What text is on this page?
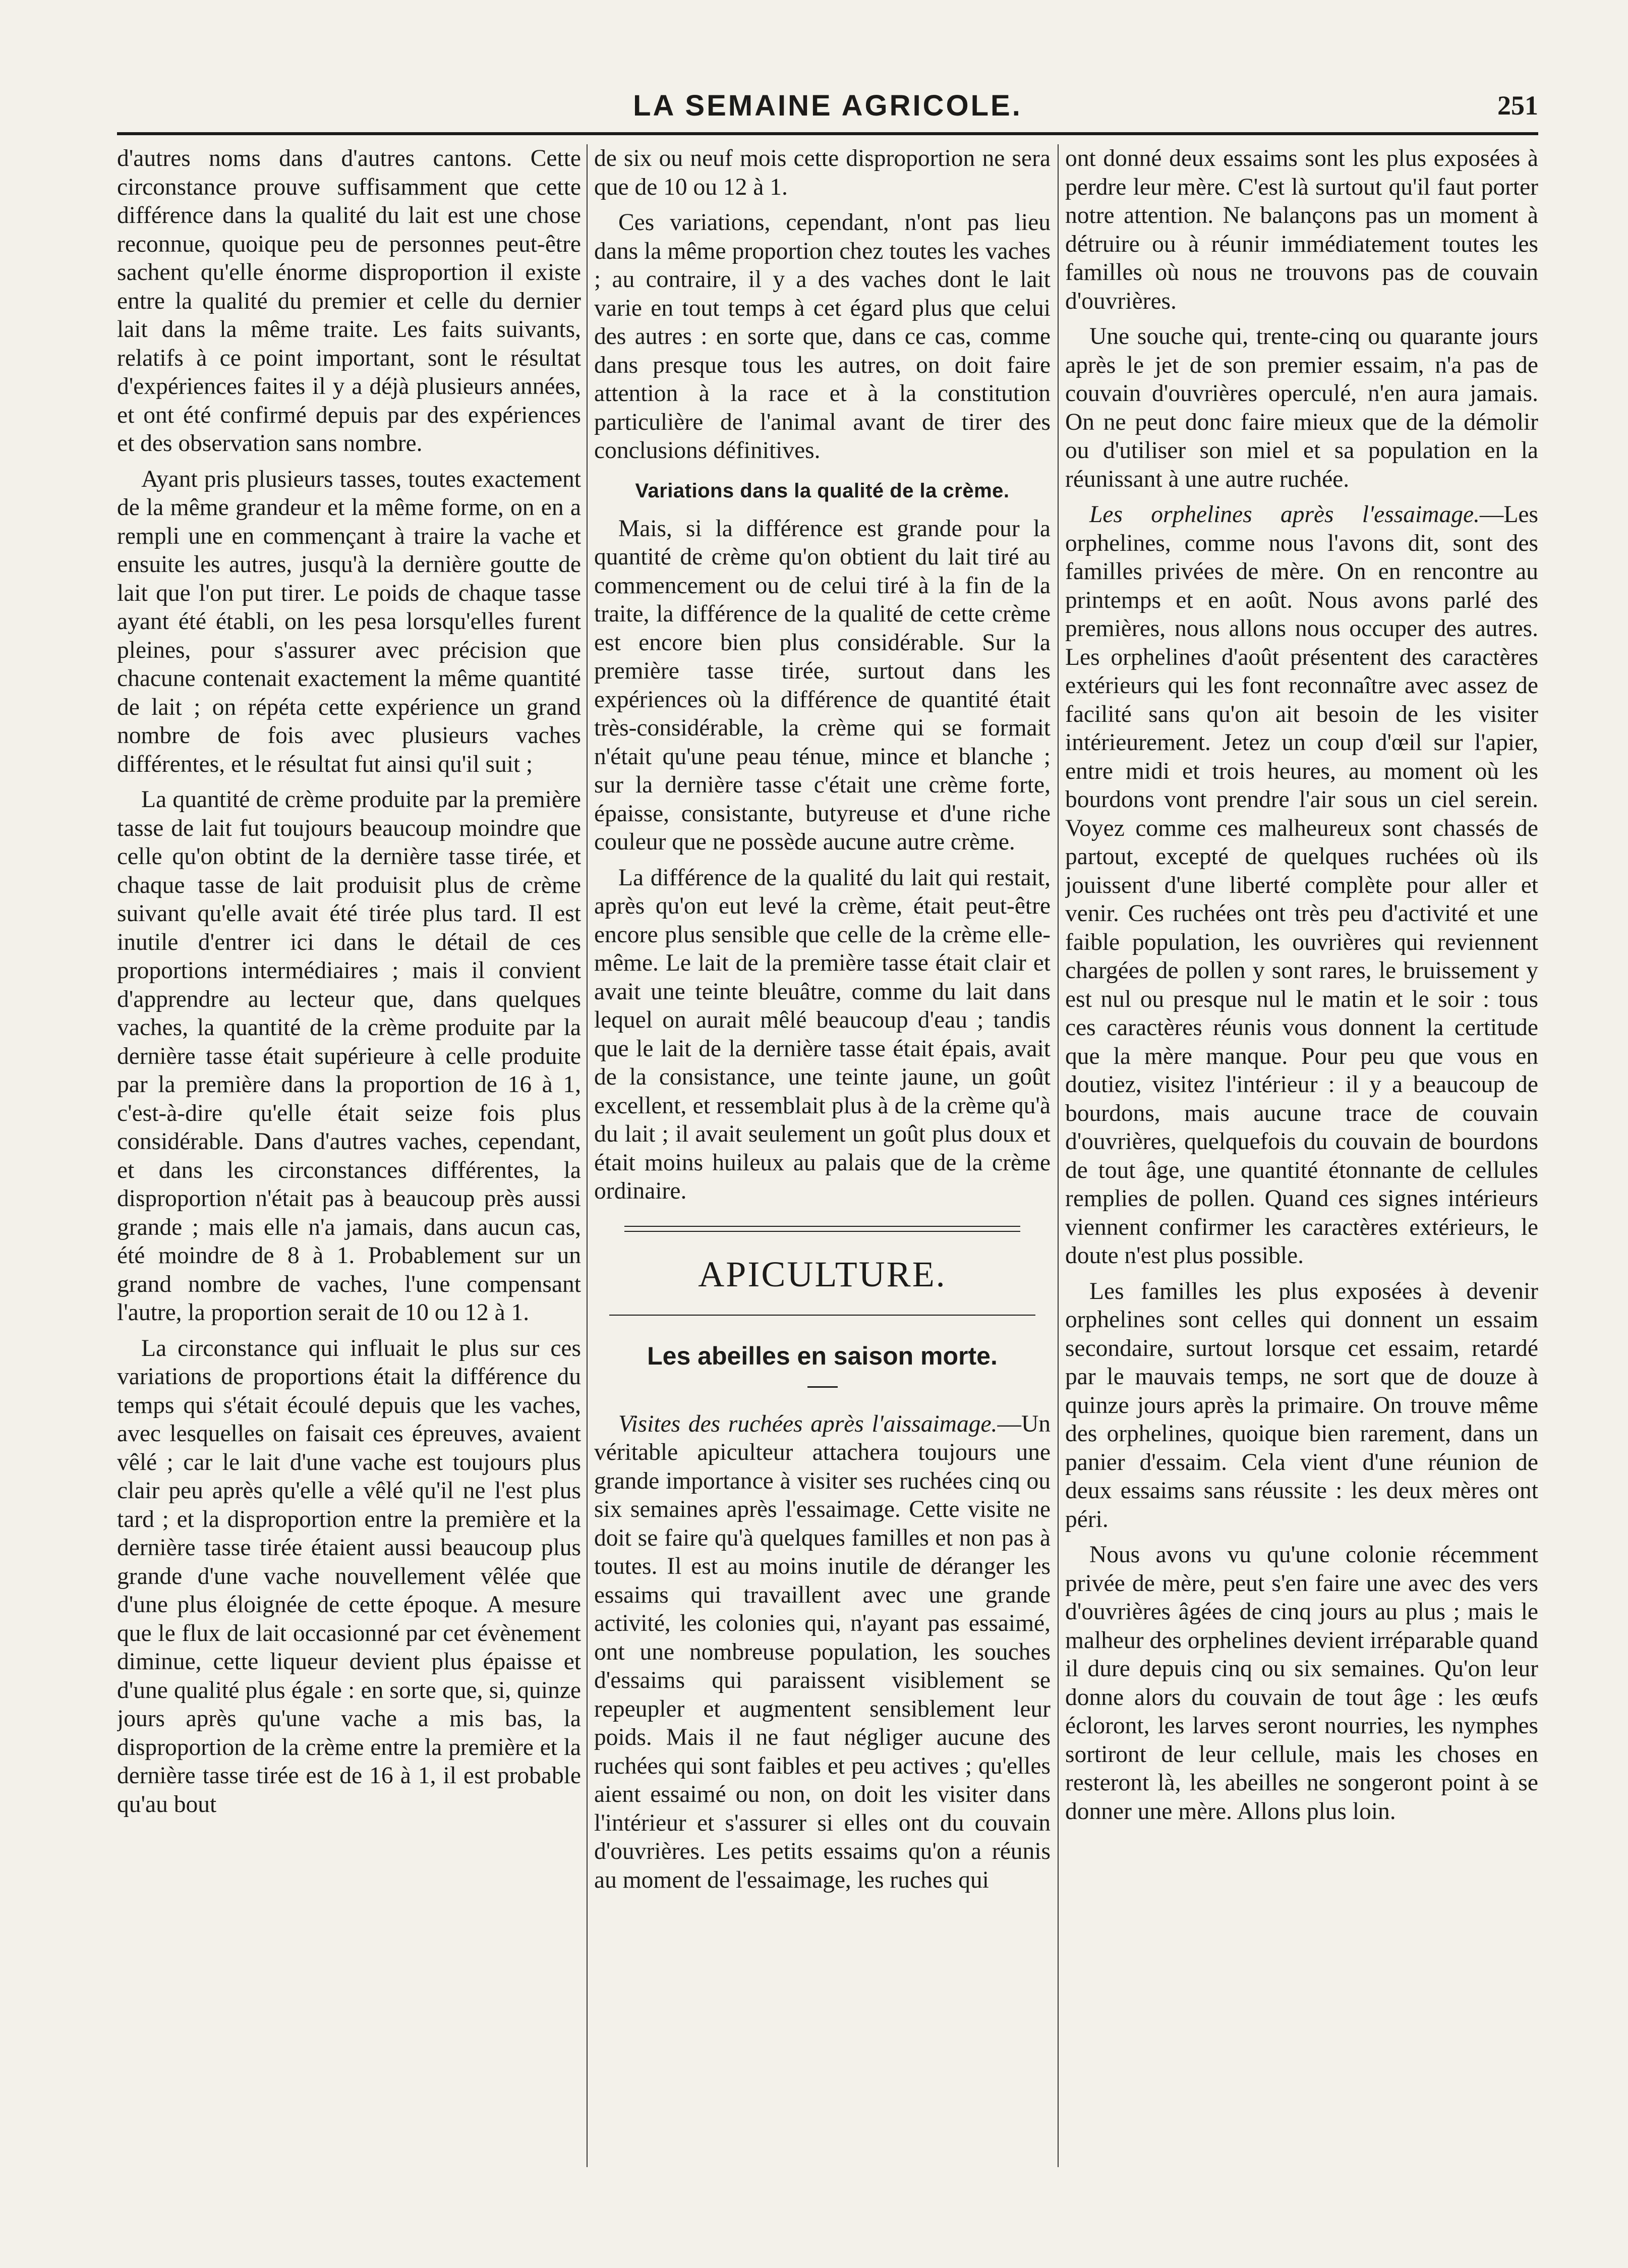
LA SEMAINE AGRICOLE.	251

d'autres noms dans d'autres cantons. Cette circonstance prouve suffisamment que cette différence dans la qualité du lait est une chose reconnue, quoique peu de personnes peut-être sachent qu'elle énorme disproportion il existe entre la qualité du premier et celle du dernier lait dans la même traite. Les faits suivants, relatifs à ce point important, sont le résultat d'expériences faites il y a déjà plusieurs années, et ont été confirmé depuis par des expériences et des observation sans nombre.

Ayant pris plusieurs tasses, toutes exactement de la même grandeur et la même forme, on en a rempli une en commençant à traire la vache et ensuite les autres, jusqu'à la dernière goutte de lait que l'on put tirer. Le poids de chaque tasse ayant été établi, on les pesa lorsqu'elles furent pleines, pour s'assurer avec précision que chacune contenait exactement la même quantité de lait ; on répéta cette expérience un grand nombre de fois avec plusieurs vaches différentes, et le résultat fut ainsi qu'il suit ;

La quantité de crème produite par la première tasse de lait fut toujours beaucoup moindre que celle qu'on obtint de la dernière tasse tirée, et chaque tasse de lait produisit plus de crème suivant qu'elle avait été tirée plus tard. Il est inutile d'entrer ici dans le détail de ces proportions intermédiaires ; mais il convient d'apprendre au lecteur que, dans quelques vaches, la quantité de la crème produite par la dernière tasse était supérieure à celle produite par la première dans la proportion de 16 à 1, c'est-à-dire qu'elle était seize fois plus considérable. Dans d'autres vaches, cependant, et dans les circonstances différentes, la disproportion n'était pas à beaucoup près aussi grande ; mais elle n'a jamais, dans aucun cas, été moindre de 8 à 1. Probablement sur un grand nombre de vaches, l'une compensant l'autre, la proportion serait de 10 ou 12 à 1.

La circonstance qui influait le plus sur ces variations de proportions était la différence du temps qui s'était écoulé depuis que les vaches, avec lesquelles on faisait ces épreuves, avaient vêlé ; car le lait d'une vache est toujours plus clair peu après qu'elle a vêlé qu'il ne l'est plus tard ; et la disproportion entre la première et la dernière tasse tirée étaient aussi beaucoup plus grande d'une vache nouvellement vêlée que d'une plus éloignée de cette époque. A mesure que le flux de lait occasionné par cet évènement diminue, cette liqueur devient plus épaisse et d'une qualité plus égale : en sorte que, si, quinze jours après qu'une vache a mis bas, la disproportion de la crème entre la première et la dernière tasse tirée est de 16 à 1, il est probable qu'au bout

de six ou neuf mois cette disproportion ne sera que de 10 ou 12 à 1.

Ces variations, cependant, n'ont pas lieu dans la même proportion chez toutes les vaches ; au contraire, il y a des vaches dont le lait varie en tout temps à cet égard plus que celui des autres : en sorte que, dans ce cas, comme dans presque tous les autres, on doit faire attention à la race et à la constitution particulière de l'animal avant de tirer des conclusions définitives.

Variations dans la qualité de la crème.

Mais, si la différence est grande pour la quantité de crème qu'on obtient du lait tiré au commencement ou de celui tiré à la fin de la traite, la différence de la qualité de cette crème est encore bien plus considérable. Sur la première tasse tirée, surtout dans les expériences où la différence de quantité était très-considérable, la crème qui se formait n'était qu'une peau ténue, mince et blanche ; sur la dernière tasse c'était une crème forte, épaisse, consistante, butyreuse et d'une riche couleur que ne possède aucune autre crème.

La différence de la qualité du lait qui restait, après qu'on eut levé la crème, était peut-être encore plus sensible que celle de la crème elle-même. Le lait de la première tasse était clair et avait une teinte bleuâtre, comme du lait dans lequel on aurait mêlé beaucoup d'eau ; tandis que le lait de la dernière tasse était épais, avait de la consistance, une teinte jaune, un goût excellent, et ressemblait plus à de la crème qu'à du lait ; il avait seulement un goût plus doux et était moins huileux au palais que de la crème ordinaire.

APICULTURE.
Les abeilles en saison morte.

Visites des ruchées après l'aissaimage.—Un véritable apiculteur attachera toujours une grande importance à visiter ses ruchées cinq ou six semaines après l'essaimage. Cette visite ne doit se faire qu'à quelques familles et non pas à toutes. Il est au moins inutile de déranger les essaims qui travaillent avec une grande activité, les colonies qui, n'ayant pas essaimé, ont une nombreuse population, les souches d'essaims qui paraissent visiblement se repeupler et augmentent sensiblement leur poids. Mais il ne faut négliger aucune des ruchées qui sont faibles et peu actives ; qu'elles aient essaimé ou non, on doit les visiter dans l'intérieur et s'assurer si elles ont du couvain d'ouvrières. Les petits essaims qu'on a réunis au moment de l'essaimage, les ruches qui

ont donné deux essaims sont les plus exposées à perdre leur mère. C'est là surtout qu'il faut porter notre attention. Ne balançons pas un moment à détruire ou à réunir immédiatement toutes les familles où nous ne trouvons pas de couvain d'ouvrières.

Une souche qui, trente-cinq ou quarante jours après le jet de son premier essaim, n'a pas de couvain d'ouvrières operculé, n'en aura jamais. On ne peut donc faire mieux que de la démolir ou d'utiliser son miel et sa population en la réunissant à une autre ruchée.

Les orphelines après l'essaimage.—Les orphelines, comme nous l'avons dit, sont des familles privées de mère. On en rencontre au printemps et en août. Nous avons parlé des premières, nous allons nous occuper des autres. Les orphelines d'août présentent des caractères extérieurs qui les font reconnaître avec assez de facilité sans qu'on ait besoin de les visiter intérieurement. Jetez un coup d'œil sur l'apier, entre midi et trois heures, au moment où les bourdons vont prendre l'air sous un ciel serein. Voyez comme ces malheureux sont chassés de partout, excepté de quelques ruchées où ils jouissent d'une liberté complète pour aller et venir. Ces ruchées ont très peu d'activité et une faible population, les ouvrières qui reviennent chargées de pollen y sont rares, le bruissement y est nul ou presque nul le matin et le soir : tous ces caractères réunis vous donnent la certitude que la mère manque. Pour peu que vous en doutiez, visitez l'intérieur : il y a beaucoup de bourdons, mais aucune trace de couvain d'ouvrières, quelquefois du couvain de bourdons de tout âge, une quantité étonnante de cellules remplies de pollen. Quand ces signes intérieurs viennent confirmer les caractères extérieurs, le doute n'est plus possible.

Les familles les plus exposées à devenir orphelines sont celles qui donnent un essaim secondaire, surtout lorsque cet essaim, retardé par le mauvais temps, ne sort que de douze à quinze jours après la primaire. On trouve même des orphelines, quoique bien rarement, dans un panier d'essaim. Cela vient d'une réunion de deux essaims sans réussite : les deux mères ont péri.

Nous avons vu qu'une colonie récemment privée de mère, peut s'en faire une avec des vers d'ouvrières âgées de cinq jours au plus ; mais le malheur des orphelines devient irréparable quand il dure depuis cinq ou six semaines. Qu'on leur donne alors du couvain de tout âge : les œufs écloront, les larves seront nourries, les nymphes sortiront de leur cellule, mais les choses en resteront là, les abeilles ne songeront point à se donner une mère. Allons plus loin.
